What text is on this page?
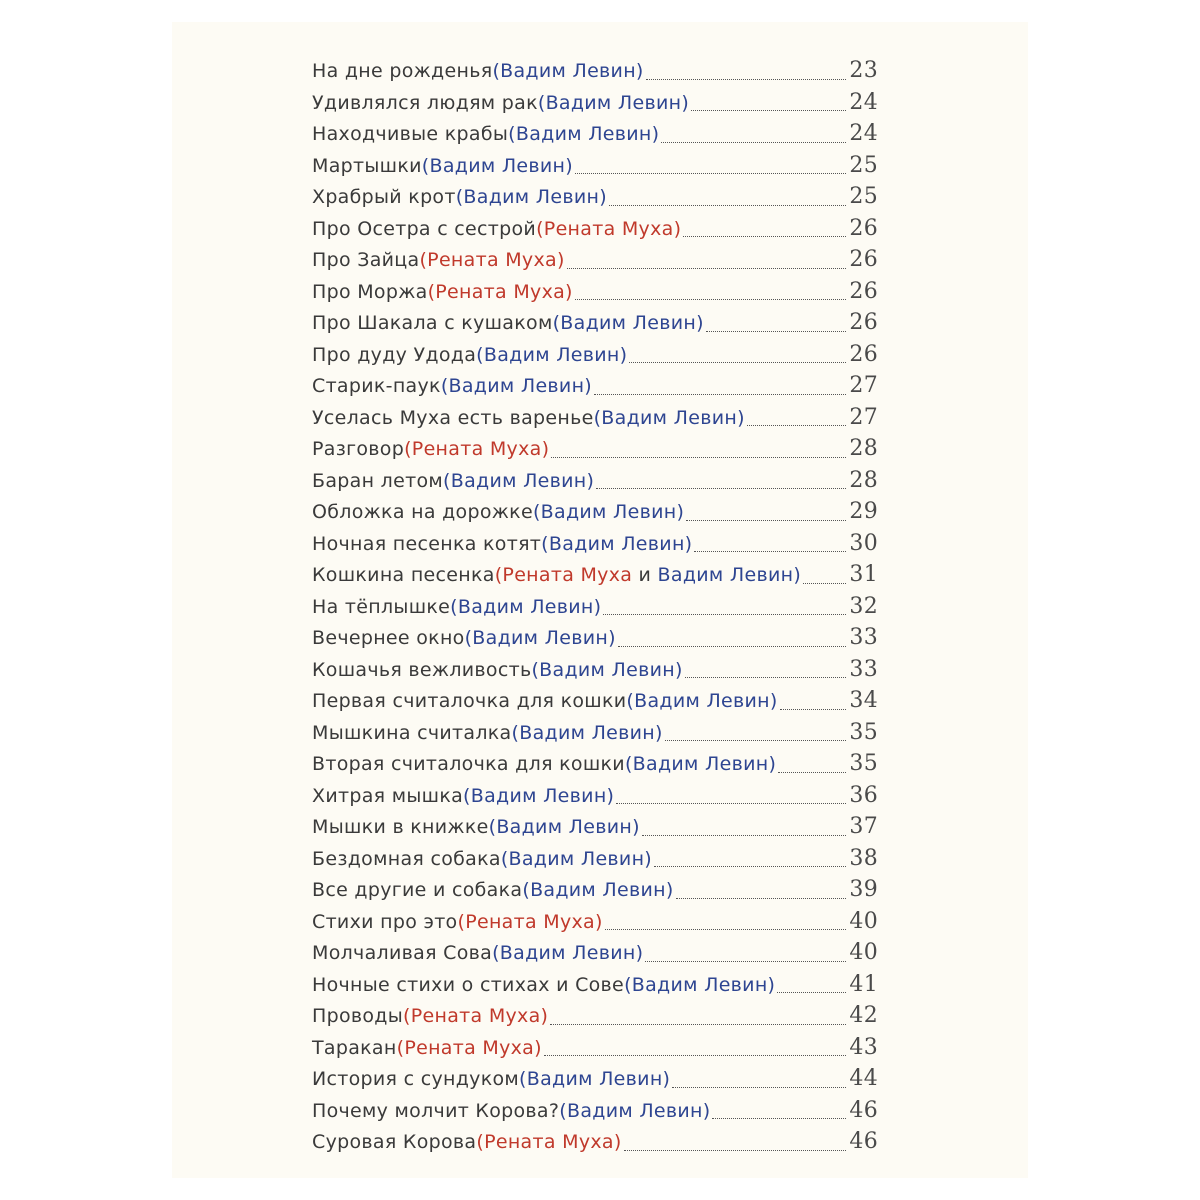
На дне рожденья (Вадим Левин)	23
Удивлялся людям рак (Вадим Левин)	24
Находчивые крабы (Вадим Левин)	24
Мартышки (Вадим Левин)	25
Храбрый крот (Вадим Левин)	25
Про Осетра с сестрой (Рената Муха)	26
Про Зайца (Рената Муха)	26
Про Моржа (Рената Муха)	26
Про Шакала с кушаком (Вадим Левин)	26
Про дуду Удода (Вадим Левин)	26
Старик-паук (Вадим Левин)	27
Уселась Муха есть варенье (Вадим Левин)	27
Разговор (Рената Муха)	28
Баран летом (Вадим Левин)	28
Обложка на дорожке (Вадим Левин)	29
Ночная песенка котят (Вадим Левин)	30
Кошкина песенка (Рената Муха и Вадим Левин) 31
На тёплышке (Вадим Левин)	32
Вечернее окно (Вадим Левин)	33
Кошачья вежливость (Вадим Левин)	33
Первая считалочка для кошки (Вадим Левин)	34
Мышкина считалка (Вадим Левин)	35
Вторая считалочка для кошки (Вадим Левин)	35
Хитрая мышка (Вадим Левин)	36
Мышки в книжке (Вадим Левин)	37
Бездомная собака (Вадим Левин)	38
Все другие и собака (Вадим Левин)	39
Стихи про это (Рената Муха)	40
Молчаливая Сова (Вадим Левин)	40
Ночные стихи о стихах и Сове (Вадим Левин)	41
Проводы (Рената Муха)	42
Таракан (Рената Муха)	43
История с сундуком (Вадим Левин)	44
Почему молчит Корова? (Вадим Левин)	46
Суровая Корова (Рената Муха)	46
